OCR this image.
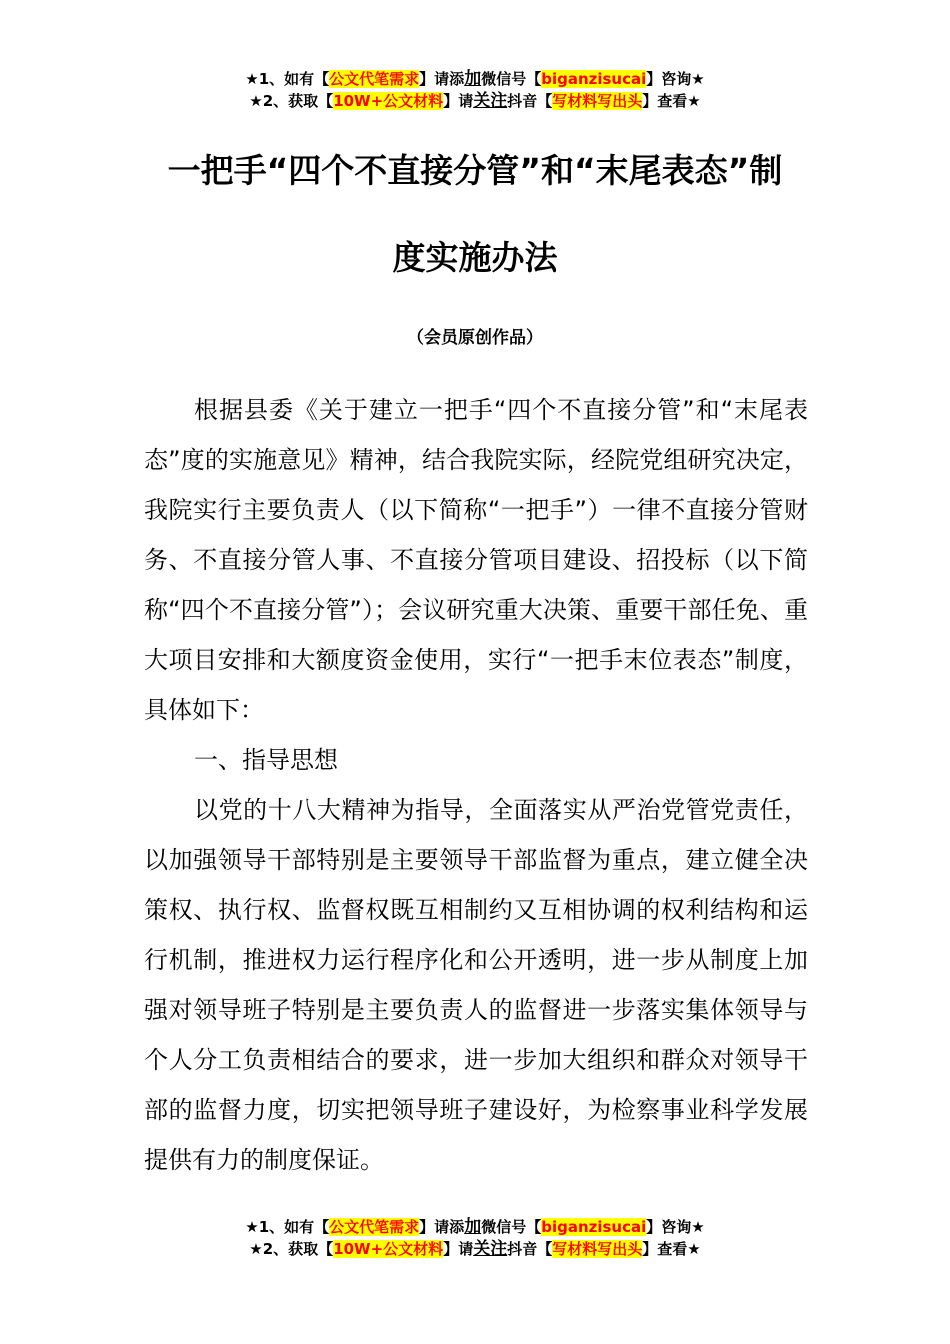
★1、如有【公文代笔需求】请添加微信号【biganzisucai】咨询★
★2、获取【10W+公文材料】请关注抖音【写材料写出头】查看★
一把手“四个不直接分管”和“末尾表态”制
度实施办法
（会员原创作品）

根据县委《关于建立一把手“四个不直接分管”和“末尾表态”度的实施意见》精神，结合我院实际，经院党组研究决定，我院实行主要负责人（以下简称“一把手”）一律不直接分管财务、不直接分管人事、不直接分管项目建设、招投标（以下简称“四个不直接分管”）；会议研究重大决策、重要干部任免、重大项目安排和大额度资金使用，实行“一把手末位表态”制度，具体如下：

一、指导思想

以党的十八大精神为指导，全面落实从严治党管党责任，以加强领导干部特别是主要领导干部监督为重点，建立健全决策权、执行权、监督权既互相制约又互相协调的权利结构和运行机制，推进权力运行程序化和公开透明，进一步从制度上加强对领导班子特别是主要负责人的监督进一步落实集体领导与个人分工负责相结合的要求，进一步加大组织和群众对领导干部的监督力度，切实把领导班子建设好，为检察事业科学发展提供有力的制度保证。

★1、如有【公文代笔需求】请添加微信号【biganzisucai】咨询★
★2、获取【10W+公文材料】请关注抖音【写材料写出头】查看★
